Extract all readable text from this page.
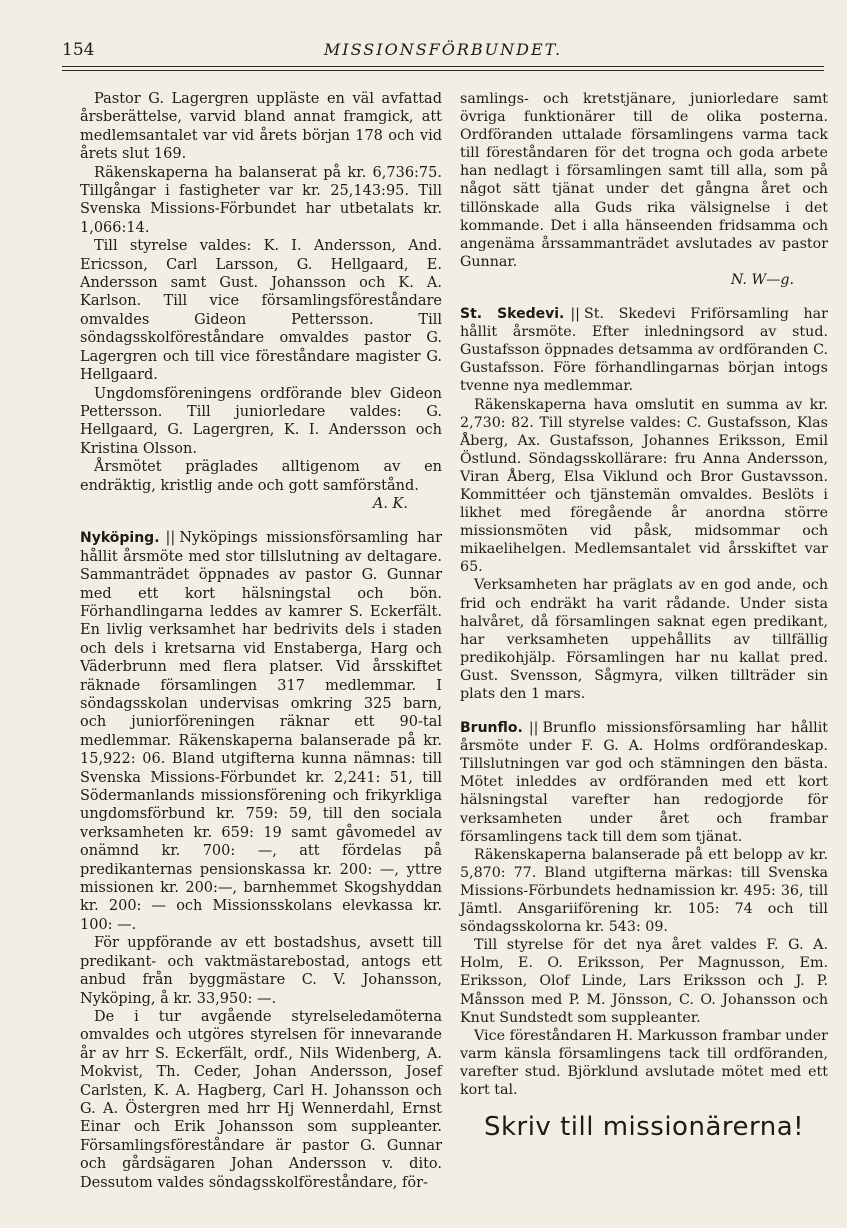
154	MISSIONSFÖRBUNDET.

Pastor G. Lagergren uppläste en väl avfattad årsberättelse, varvid bland annat framgick, att medlemsantalet var vid årets början 178 och vid årets slut 169.

Räkenskaperna ha balanserat på kr. 6,736:75. Tillgångar i fastigheter var kr. 25,143:95. Till Svenska Missions-Förbundet har utbetalats kr. 1,066:14.

Till styrelse valdes: K. I. Andersson, And. Ericsson, Carl Larsson, G. Hellgaard, E. Andersson samt Gust. Johansson och K. A. Karlson. Till vice församlingsföreståndare omvaldes Gideon Pettersson. Till söndagsskolföreståndare omvaldes pastor G. Lagergren och till vice föreståndare magister G. Hellgaard.

Ungdomsföreningens ordförande blev Gideon Pettersson. Till juniorledare valdes: G. Hellgaard, G. Lagergren, K. I. Andersson och Kristina Olsson.

Årsmötet präglades alltigenom av en endräktig, kristlig ande och gott samförstånd.

A. K.

Nyköping. || Nyköpings missionsförsamling har hållit årsmöte med stor tillslutning av deltagare. Sammanträdet öppnades av pastor G. Gunnar med ett kort hälsningstal och bön. Förhandlingarna leddes av kamrer S. Eckerfält. En livlig verksamhet har bedrivits dels i staden och dels i kretsarna vid Enstaberga, Harg och Väderbrunn med flera platser. Vid årsskiftet räknade församlingen 317 medlemmar. I söndagsskolan undervisas omkring 325 barn, och juniorföreningen räknar ett 90-tal medlemmar. Räkenskaperna balanserade på kr. 15,922: 06. Bland utgifterna kunna nämnas: till Svenska Missions-Förbundet kr. 2,241: 51, till Södermanlands missionsförening och frikyrkliga ungdomsförbund kr. 759: 59, till den sociala verksamheten kr. 659: 19 samt gåvomedel av onämnd kr. 700: —, att fördelas på predikanternas pensionskassa kr. 200: —, yttre missionen kr. 200:—, barnhemmet Skogshyddan kr. 200: — och Missionsskolans elevkassa kr. 100: —.

För uppförande av ett bostadshus, avsett till predikant- och vaktmästarebostad, antogs ett anbud från byggmästare C. V. Johansson, Nyköping, å kr. 33,950: —.

De i tur avgående styrelseledamöterna omvaldes och utgöres styrelsen för innevarande år av hrr S. Eckerfält, ordf., Nils Widenberg, A. Mokvist, Th. Ceder, Johan Andersson, Josef Carlsten, K. A. Hagberg, Carl H. Johansson och G. A. Östergren med hrr Hj Wennerdahl, Ernst Einar och Erik Johansson som suppleanter. Församlingsföreståndare är pastor G. Gunnar och gårdsägaren Johan Andersson v. dito. Dessutom valdes söndagsskolföreståndare, för-

samlings- och kretstjänare, juniorledare samt övriga funktionärer till de olika posterna. Ordföranden uttalade församlingens varma tack till föreståndaren för det trogna och goda arbete han nedlagt i församlingen samt till alla, som på något sätt tjänat under det gångna året och tillönskade alla Guds rika välsignelse i det kommande. Det i alla hänseenden fridsamma och angenäma årssammanträdet avslutades av pastor Gunnar.

N. W—g.

St. Skedevi. || St. Skedevi Friförsamling har hållit årsmöte. Efter inledningsord av stud. Gustafsson öppnades detsamma av ordföranden C. Gustafsson. Före förhandlingarnas början intogs tvenne nya medlemmar.

Räkenskaperna hava omslutit en summa av kr. 2,730: 82. Till styrelse valdes: C. Gustafsson, Klas Åberg, Ax. Gustafsson, Johannes Eriksson, Emil Östlund. Söndagsskollärare: fru Anna Andersson, Viran Åberg, Elsa Viklund och Bror Gustavsson. Kommittéer och tjänstemän omvaldes. Beslöts i likhet med föregående år anordna större missionsmöten vid påsk, midsommar och mikaelihelgen. Medlemsantalet vid årsskiftet var 65.

Verksamheten har präglats av en god ande, och frid och endräkt ha varit rådande. Under sista halvåret, då församlingen saknat egen predikant, har verksamheten uppehållits av tillfällig predikohjälp. Församlingen har nu kallat pred. Gust. Svensson, Sågmyra, vilken tillträder sin plats den 1 mars.

Brunflo. || Brunflo missionsförsamling har hållit årsmöte under F. G. A. Holms ordförandeskap. Tillslutningen var god och stämningen den bästa. Mötet inleddes av ordföranden med ett kort hälsningstal varefter han redogjorde för verksamheten under året och frambar församlingens tack till dem som tjänat.

Räkenskaperna balanserade på ett belopp av kr. 5,870: 77. Bland utgifterna märkas: till Svenska Missions-Förbundets hednamission kr. 495: 36, till Jämtl. Ansgariiförening kr. 105: 74 och till söndagsskolorna kr. 543: 09.

Till styrelse för det nya året valdes F. G. A. Holm, E. O. Eriksson, Per Magnusson, Em. Eriksson, Olof Linde, Lars Eriksson och J. P. Månsson med P. M. Jönsson, C. O. Johansson och Knut Sundstedt som suppleanter.

Vice föreståndaren H. Markusson frambar under varm känsla församlingens tack till ordföranden, varefter stud. Björklund avslutade mötet med ett kort tal.

Skriv till missionärerna!
